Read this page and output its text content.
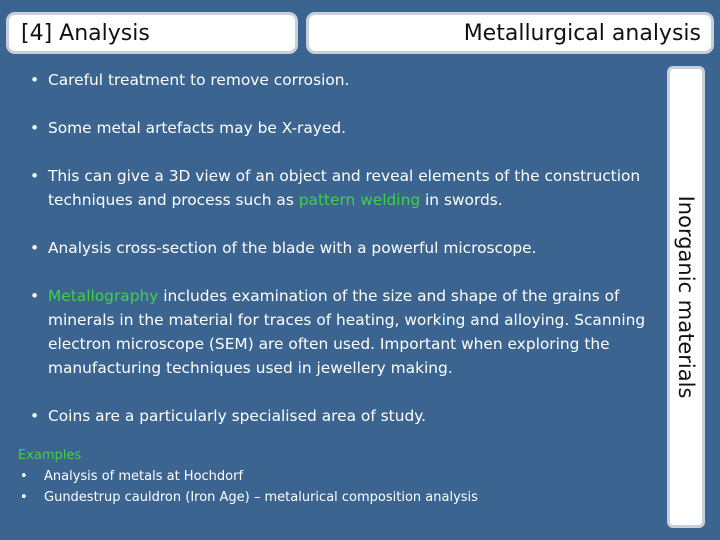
[4] Analysis	Metallurgical analysis
Inorganic materials
• Careful treatment to remove corrosion.
• Some metal artefacts may be X-rayed.
• This can give a 3D view of an object and reveal elements of the construction techniques and process such as pattern welding in swords.
• Analysis cross-section of the blade with a powerful microscope.
• Metallography includes examination of the size and shape of the grains of minerals in the material for traces of heating, working and alloying. Scanning electron microscope (SEM) are often used. Important when exploring the manufacturing techniques used in jewellery making.
• Coins are a particularly specialised area of study.
Examples
•	Analysis of metals at Hochdorf
•	Gundestrup cauldron (Iron Age) – metalurical composition analysis
